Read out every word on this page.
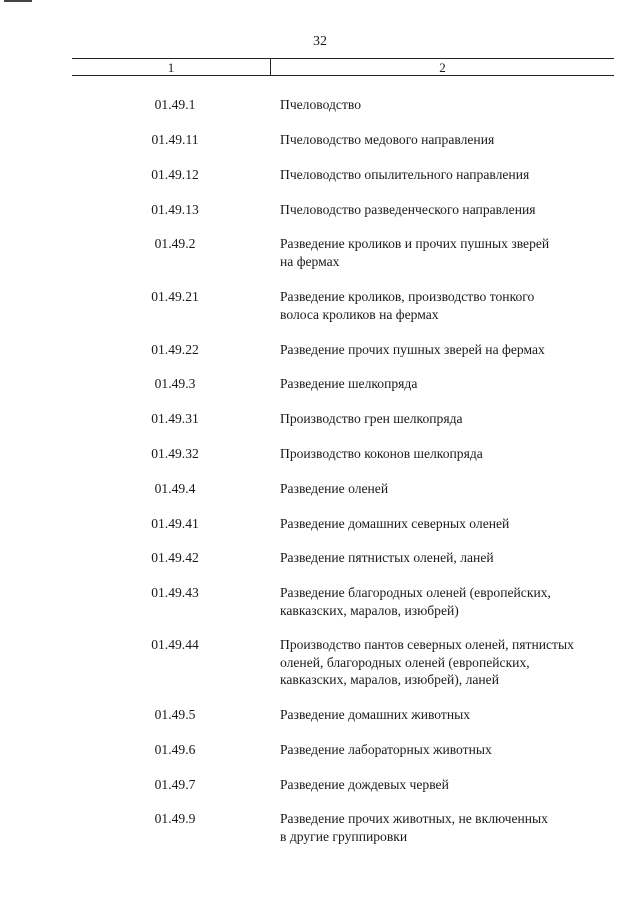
32
1	2
01.49.1	Пчеловодство
01.49.11	Пчеловодство медового направления
01.49.12	Пчеловодство опылительного направления
01.49.13	Пчеловодство разведенческого направления
01.49.2	Разведение кроликов и прочих пушных зверей
на фермах
01.49.21	Разведение кроликов, производство тонкого
волоса кроликов на фермах
01.49.22	Разведение прочих пушных зверей на фермах
01.49.3	Разведение шелкопряда
01.49.31	Производство грен шелкопряда
01.49.32	Производство коконов шелкопряда
01.49.4	Разведение оленей
01.49.41	Разведение домашних северных оленей
01.49.42	Разведение пятнистых оленей, ланей
01.49.43	Разведение благородных оленей (европейских,
кавказских, маралов, изюбрей)
01.49.44	Производство пантов северных оленей, пятнистых
оленей, благородных оленей (европейских,
кавказских, маралов, изюбрей), ланей
01.49.5	Разведение домашних животных
01.49.6	Разведение лабораторных животных
01.49.7	Разведение дождевых червей
01.49.9	Разведение прочих животных, не включенных
в другие группировки
